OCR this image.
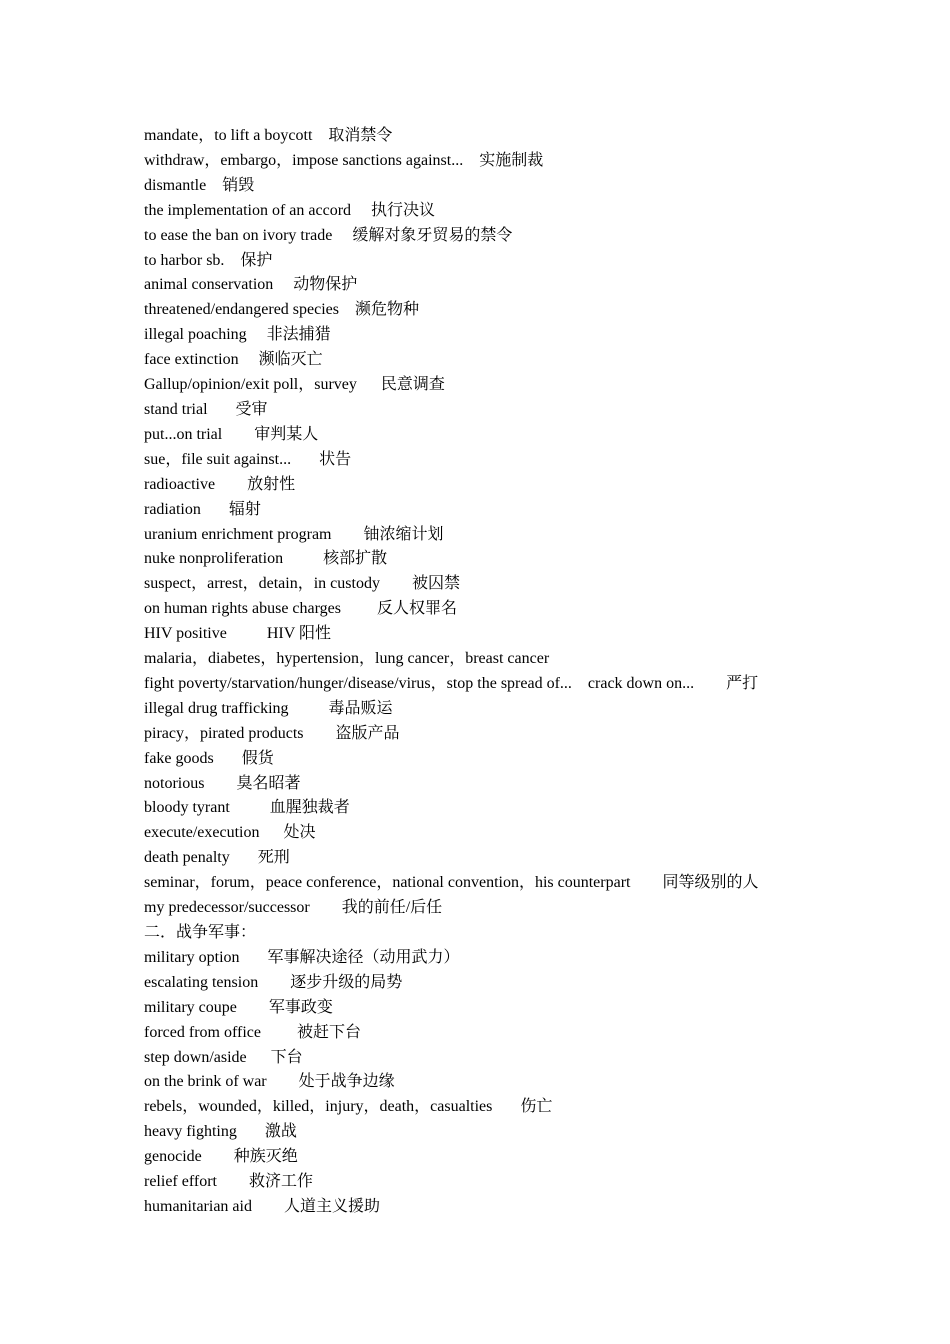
mandate，to lift a boycott    取消禁令
withdraw，embargo，impose sanctions against...    实施制裁
dismantle    销毁
the implementation of an accord     执行决议
to ease the ban on ivory trade     缓解对象牙贸易的禁令
to harbor sb.    保护
animal conservation     动物保护
threatened/endangered species    濒危物种
illegal poaching     非法捕猎
face extinction     濒临灭亡
Gallup/opinion/exit poll，survey      民意调查
stand trial       受审
put...on trial        审判某人
sue，file suit against...       状告
radioactive        放射性
radiation       辐射
uranium enrichment program        铀浓缩计划
nuke nonproliferation          核部扩散
suspect，arrest，detain，in custody        被囚禁
on human rights abuse charges         反人权罪名
HIV positive          HIV 阳性
malaria，diabetes，hypertension，lung cancer，breast cancer
fight poverty/starvation/hunger/disease/virus，stop the spread of...    crack down on...        严打
illegal drug trafficking          毒品贩运
piracy，pirated products        盗版产品
fake goods       假货
notorious        臭名昭著
bloody tyrant          血腥独裁者
execute/execution      处决
death penalty       死刑
seminar，forum，peace conference，national convention，his counterpart        同等级别的人
my predecessor/successor        我的前任/后任
二．战争军事：
military option       军事解决途径（动用武力）
escalating tension        逐步升级的局势
military coupe        军事政变
forced from office         被赶下台
step down/aside      下台
on the brink of war        处于战争边缘
rebels，wounded，killed，injury，death，casualties       伤亡
heavy fighting       激战
genocide        种族灭绝
relief effort        救济工作
humanitarian aid        人道主义援助
